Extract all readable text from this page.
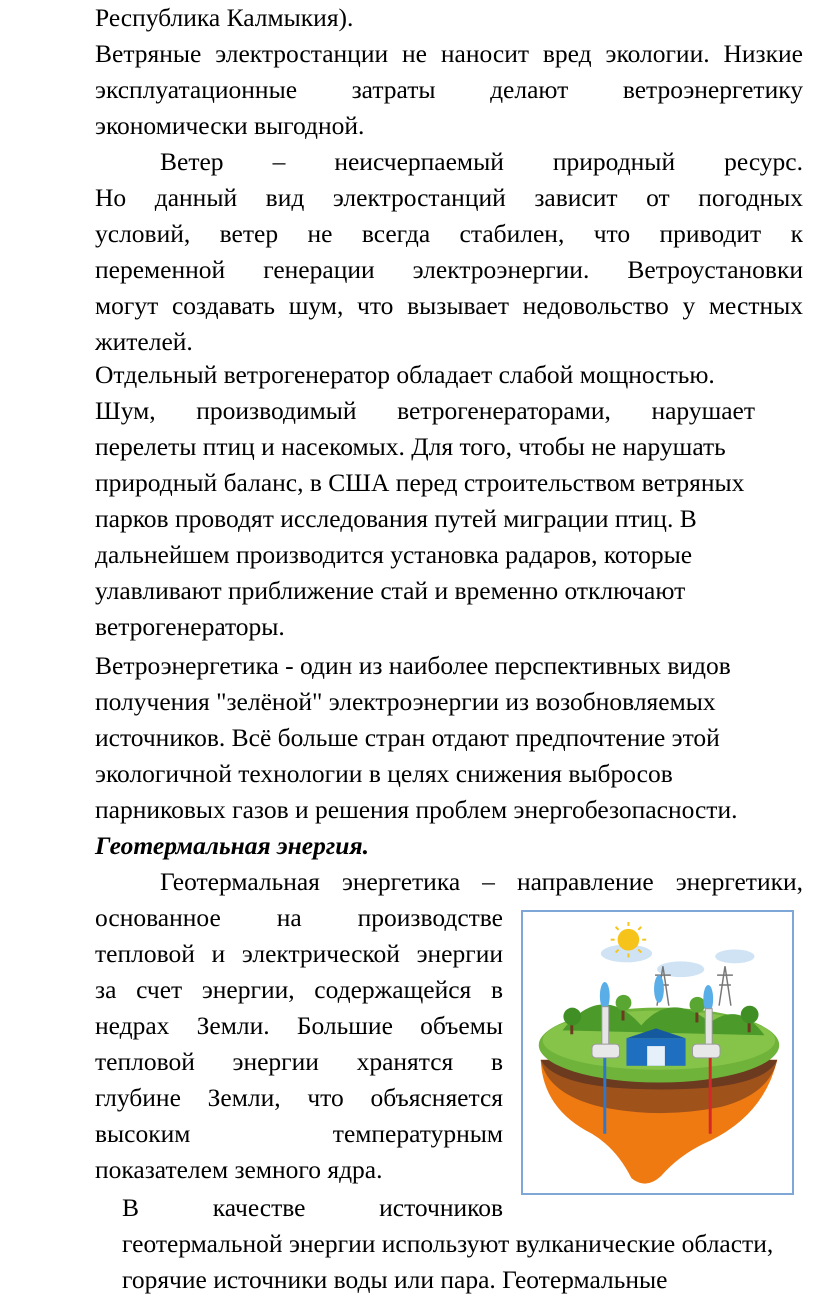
Республика Калмыкия).
Ветряные электростанции не наносит вред экологии. Низкие
эксплуатационные затраты делают ветроэнергетику
экономически выгодной.
Ветер – неисчерпаемый природный ресурс.
Но данный вид электростанций зависит от погодных
условий, ветер не всегда стабилен, что приводит к
переменной генерации электроэнергии. Ветроустановки
могут создавать шум, что вызывает недовольство у местных
жителей.
Отдельный ветрогенератор обладает слабой мощностью.
Шум, производимый ветрогенераторами, нарушает
перелеты птиц и насекомых. Для того, чтобы не нарушать
природный баланс, в США перед строительством ветряных
парков проводят исследования путей миграции птиц. В
дальнейшем производится установка радаров, которые
улавливают приближение стай и временно отключают
ветрогенераторы.
Ветроэнергетика - один из наиболее перспективных видов
получения "зелёной" электроэнергии из возобновляемых
источников. Всё больше стран отдают предпочтение этой
экологичной технологии в целях снижения выбросов
парниковых газов и решения проблем энергобезопасности.
Геотермальная энергия.
Геотермальная энергетика – направление энергетики,
основанное на производстве
тепловой и электрической энергии
за счет энергии, содержащейся в
недрах Земли. Большие объемы
тепловой энергии хранятся в
глубине Земли, что объясняется
высоким температурным
показателем земного ядра.
В качестве источников
геотермальной энергии используют вулканические области,
горячие источники воды или пара. Геотермальные
